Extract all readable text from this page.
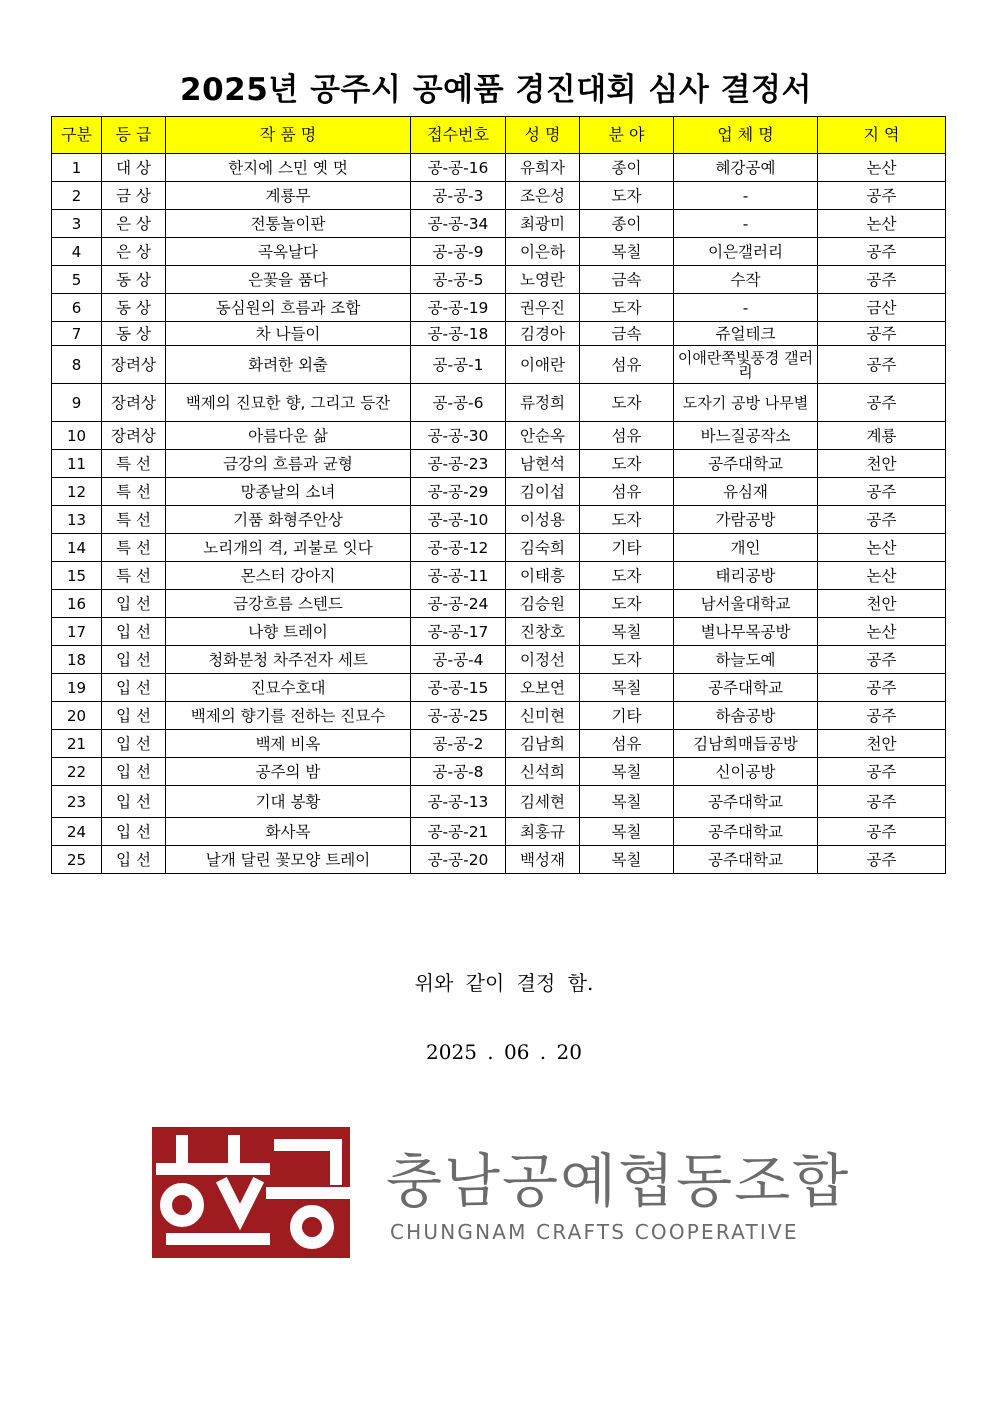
2025년 공주시 공예품 경진대회 심사 결정서
구분	등 급	작 품 명	접수번호	성 명	분 야	업 체 명	지 역
1	대 상	한지에 스민 옛 멋	공-공-16	유희자	종이	혜강공예	논산
2	금 상	계룡무	공-공-3	조은성	도자	-	공주
3	은 상	전통놀이판	공-공-34	최광미	종이	-	논산
4	은 상	곡옥날다	공-공-9	이은하	목칠	이은갤러리	공주
5	동 상	은꽃을 품다	공-공-5	노영란	금속	수작	공주
6	동 상	동심원의 흐름과 조합	공-공-19	권우진	도자	-	금산
7	동 상	차 나들이	공-공-18	김경아	금속	쥬얼테크	공주
8	장려상	화려한 외출	공-공-1	이애란	섬유	이애란쪽빛풍경 갤러리	공주
9	장려상	백제의 진묘한 향, 그리고 등잔	공-공-6	류정희	도자	도자기 공방 나무별	공주
10	장려상	아름다운 삶	공-공-30	안순옥	섬유	바느질공작소	계룡
11	특 선	금강의 흐름과 균형	공-공-23	남현석	도자	공주대학교	천안
12	특 선	망종날의 소녀	공-공-29	김이섭	섬유	유심재	공주
13	특 선	기품 화형주안상	공-공-10	이성용	도자	가람공방	공주
14	특 선	노리개의 격, 괴불로 잇다	공-공-12	김숙희	기타	개인	논산
15	특 선	몬스터 강아지	공-공-11	이태흥	도자	태리공방	논산
16	입 선	금강흐름 스텐드	공-공-24	김승원	도자	남서울대학교	천안
17	입 선	나향 트레이	공-공-17	진창호	목칠	별나무목공방	논산
18	입 선	청화분청 차주전자 세트	공-공-4	이정선	도자	하늘도예	공주
19	입 선	진묘수호대	공-공-15	오보연	목칠	공주대학교	공주
20	입 선	백제의 향기를 전하는 진묘수	공-공-25	신미현	기타	하솜공방	공주
21	입 선	백제 비옥	공-공-2	김남희	섬유	김남희매듭공방	천안
22	입 선	공주의 밤	공-공-8	신석희	목칠	신이공방	공주
23	입 선	기대 봉황	공-공-13	김세현	목칠	공주대학교	공주
24	입 선	화사목	공-공-21	최홍규	목칠	공주대학교	공주
25	입 선	날개 달린 꽃모양 트레이	공-공-20	백성재	목칠	공주대학교	공주
위와 같이 결정 함.
2025 . 06 . 20
충남공예협동조합
CHUNGNAM CRAFTS COOPERATIVE
